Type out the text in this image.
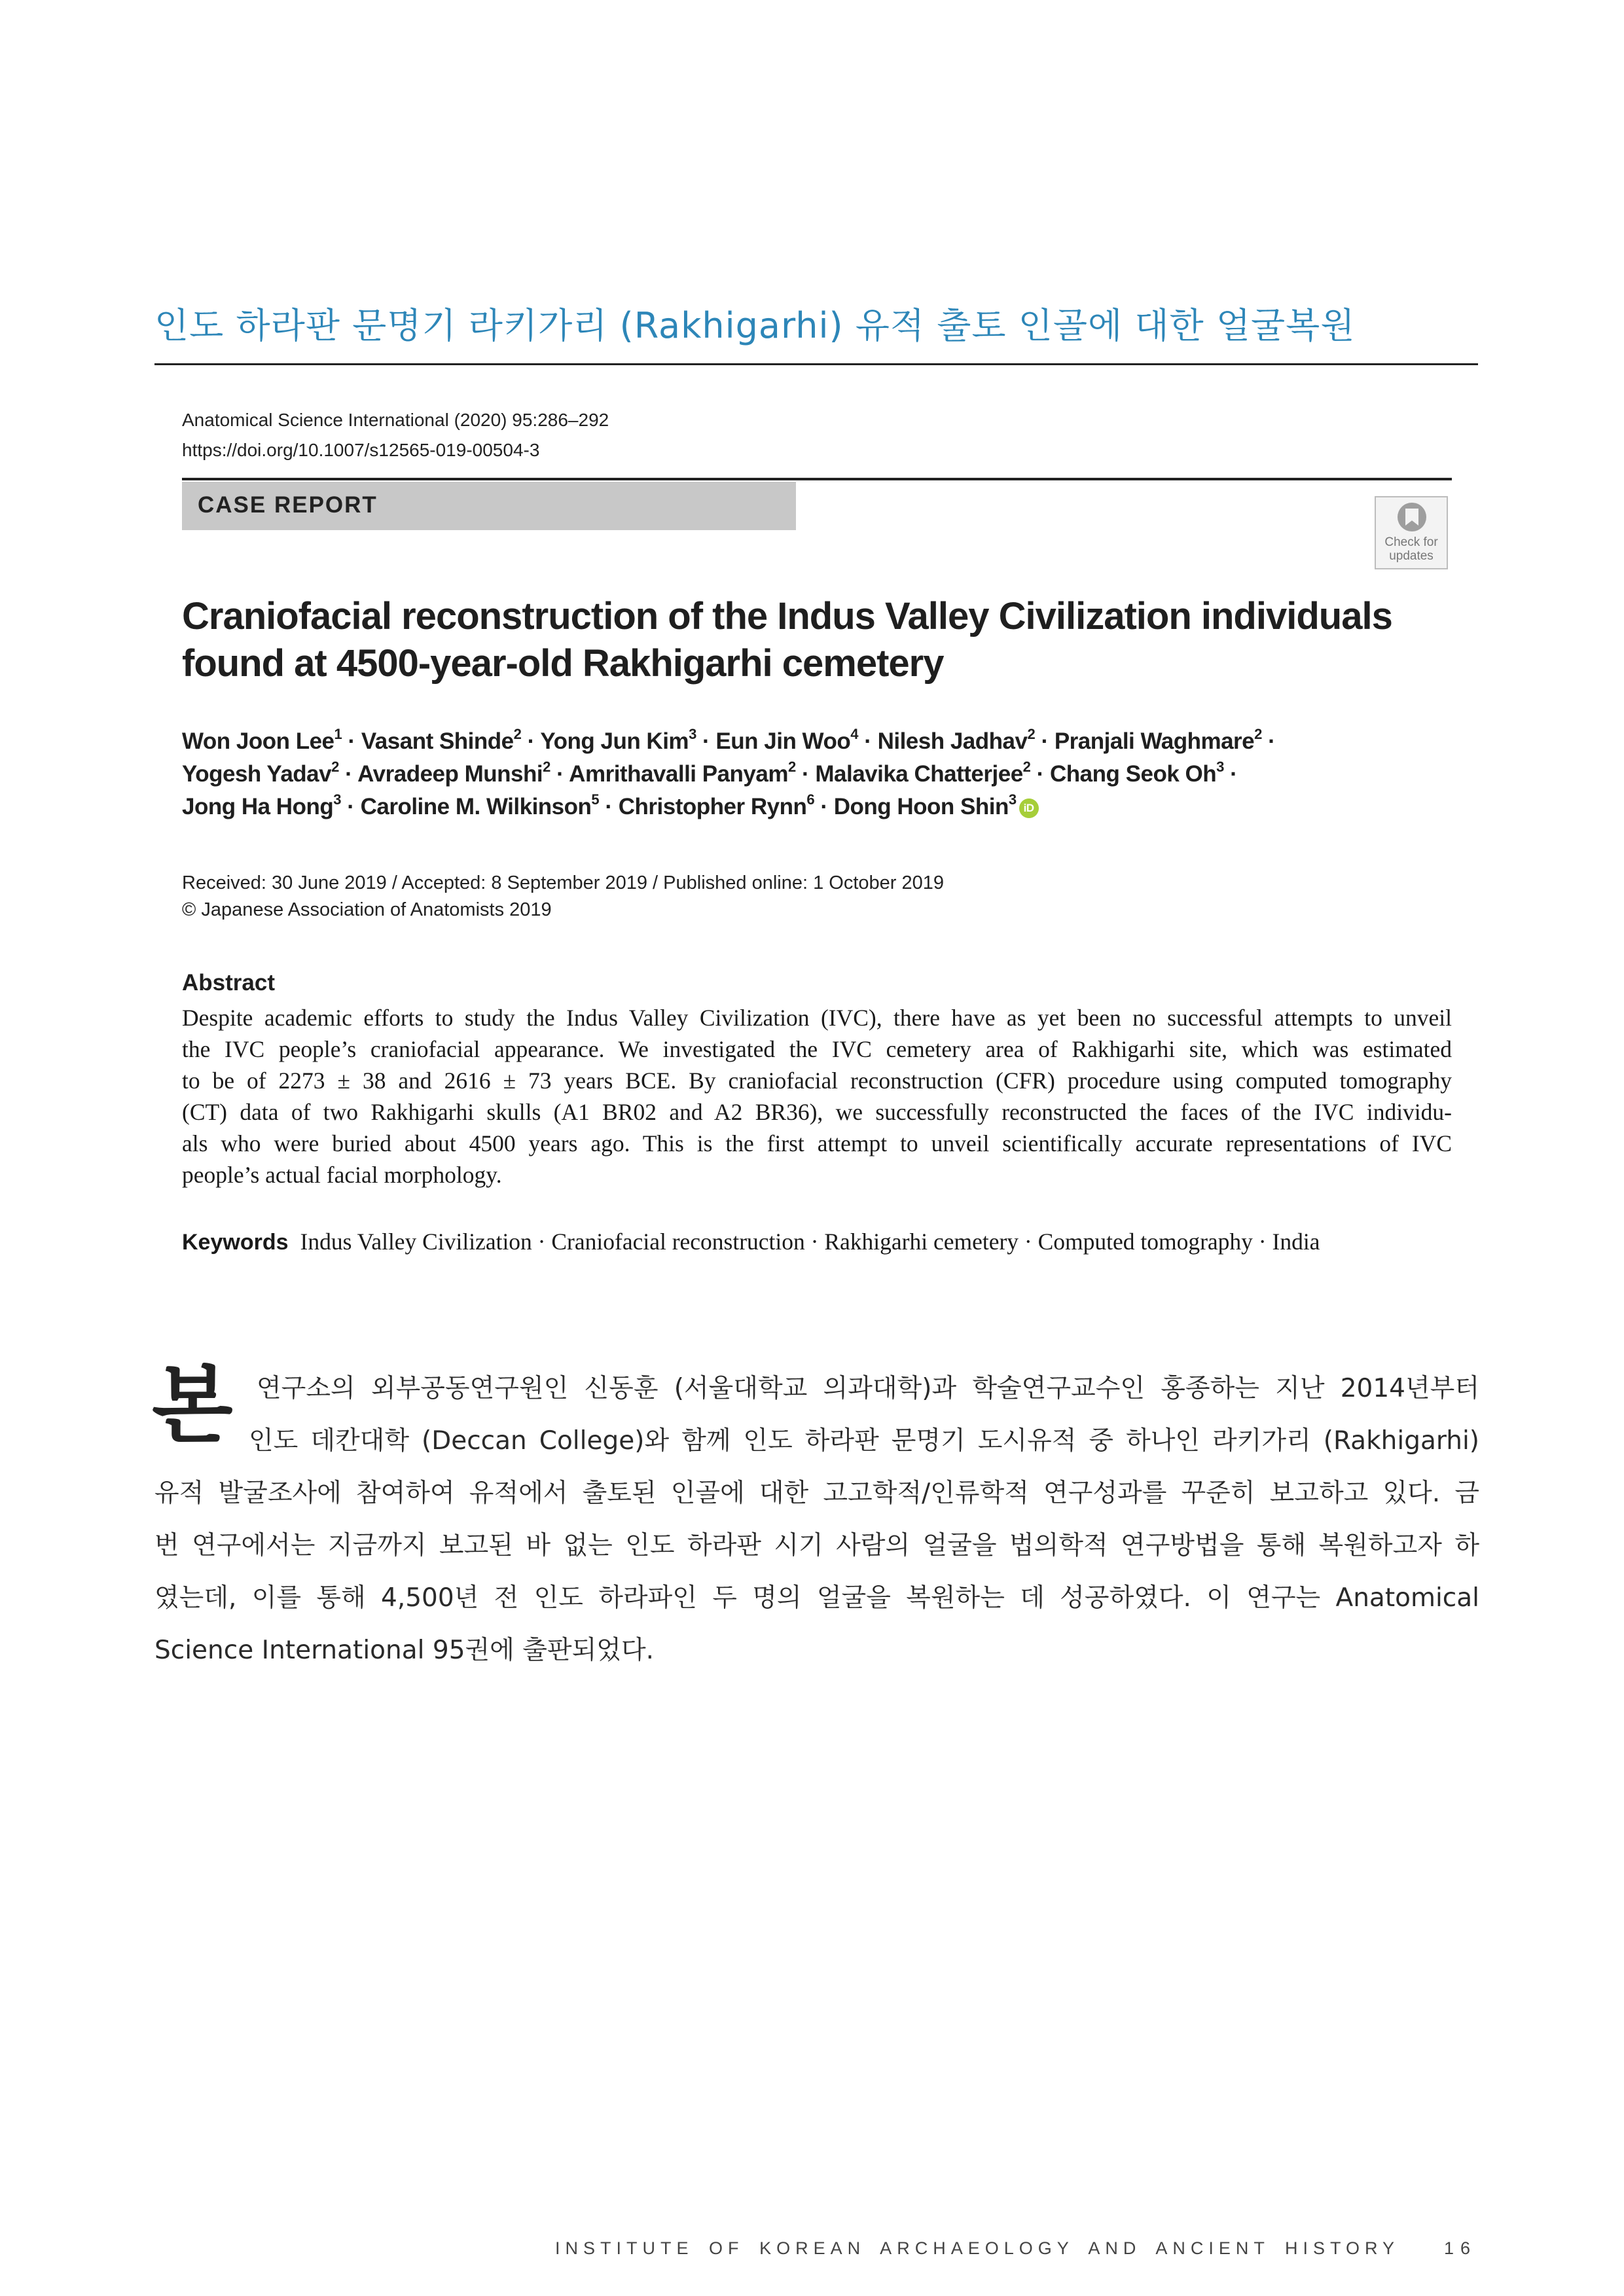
인도 하라판 문명기 라키가리 (Rakhigarhi) 유적 출토 인골에 대한 얼굴복원
Anatomical Science International (2020) 95:286–292
https://doi.org/10.1007/s12565-019-00504-3
CASE REPORT
Check for
updates
Craniofacial reconstruction of the Indus Valley Civilization individuals
found at 4500-year-old Rakhigarhi cemetery
Won Joon Lee$^1$ · Vasant Shinde$^2$ · Yong Jun Kim$^3$ · Eun Jin Woo$^4$ · Nilesh Jadhav$^2$ · Pranjali Waghmare$^2$ ·
Yogesh Yadav$^2$ · Avradeep Munshi$^2$ · Amrithavalli Panyam$^2$ · Malavika Chatterjee$^2$ · Chang Seok $Oh^3$ ·
Jong Ha Hong$^3$ · Caroline M. Wilkinson$^5$ · Christopher Rynn$^6$ · Dong Hoon Shin$^3$ iD
Received: 30 June 2019 / Accepted: 8 September 2019 / Published online: 1 October 2019
© Japanese Association of Anatomists 2019
Abstract
Despite academic efforts to study the Indus Valley Civilization (IVC), there have as yet been no successful attempts to unveil
the IVC people’s craniofacial appearance. We investigated the IVC cemetery area of Rakhigarhi site, which was estimated
to be of 2273 ± 38 and 2616 ± 73 years BCE. By craniofacial reconstruction (CFR) procedure using computed tomography
(CT) data of two Rakhigarhi skulls (A1 BR02 and A2 BR36), we successfully reconstructed the faces of the IVC individu-
als who were buried about 4500 years ago. This is the first attempt to unveil scientifically accurate representations of IVC
people’s actual facial morphology.
Keywords Indus Valley Civilization · Craniofacial reconstruction · Rakhigarhi cemetery · Computed tomography · India
본 연구소의 외부공동연구원인 신동훈 (서울대학교 의과대학)과 학술연구교수인 홍종하는 지난 2014년부터
인도 데칸대학 (Deccan College)와 함께 인도 하라판 문명기 도시유적 중 하나인 라키가리 (Rakhigarhi)
유적 발굴조사에 참여하여 유적에서 출토된 인골에 대한 고고학적/인류학적 연구성과를 꾸준히 보고하고 있다. 금
번 연구에서는 지금까지 보고된 바 없는 인도 하라판 시기 사람의 얼굴을 법의학적 연구방법을 통해 복원하고자 하
였는데, 이를 통해 4,500년 전 인도 하라파인 두 명의 얼굴을 복원하는 데 성공하였다. 이 연구는 Anatomical
Science International 95권에 출판되었다.
INSTITUTE OF KOREAN ARCHAEOLOGY AND ANCIENT HISTORY	16
